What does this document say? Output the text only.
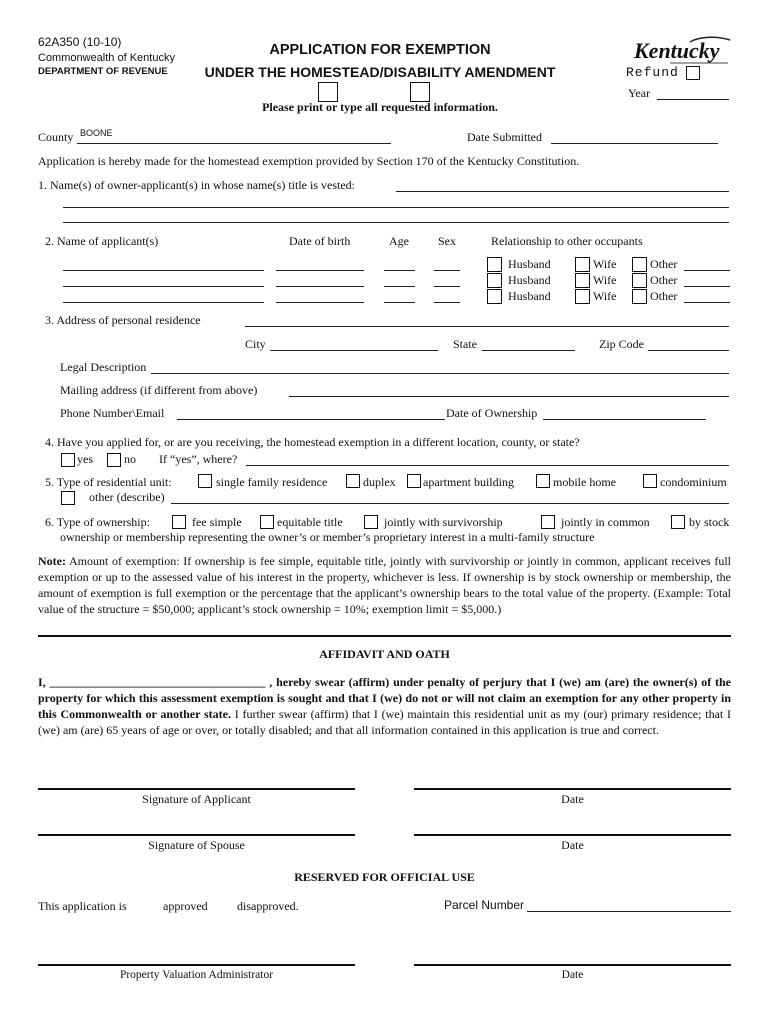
62A350 (10-10)
Commonwealth of Kentucky
DEPARTMENT OF REVENUE
APPLICATION FOR EXEMPTION
UNDER THE HOMESTEAD/DISABILITY AMENDMENT
Please print or type all requested information.
Kentucky
Refund
Year
County BOONE	Date Submitted
Application is hereby made for the homestead exemption provided by Section 170 of the Kentucky Constitution.
1. Name(s) of owner-applicant(s) in whose name(s) title is vested:
2. Name of applicant(s)	Date of birth	Age Sex	Relationship to other occupants
Husband	Wife	Other
Husband	Wife	Other
Husband	Wife	Other
3. Address of personal residence
City	State	Zip Code
Legal Description
Mailing address (if different from above)
Phone Number\Email	Date of Ownership
4. Have you applied for, or are you receiving, the homestead exemption in a different location, county, or state?
yes	no If “yes”, where?
5. Type of residential unit:	single family residence	duplex apartment building	mobile home	condominium
other (describe)
6. Type of ownership:	fee simple	equitable title	jointly with survivorship	jointly in common	by stock
ownership or membership representing the owner’s or member’s proprietary interest in a multi-family structure
Note: Amount of exemption: If ownership is fee simple, equitable title, jointly with survivorship or jointly in common, applicant receives full exemption or up to the assessed value of his interest in the property, whichever is less. If ownership is by stock ownership or membership, the amount of exemption is full exemption or the percentage that the applicant’s ownership bears to the total value of the property. (Example: Total value of the structure = $50,000; applicant’s stock ownership = 10%; exemption limit = $5,000.)
AFFIDAVIT AND OATH
I, ____________________________________ , hereby swear (affirm) under penalty of perjury that I (we) am (are) the owner(s) of the property for which this assessment exemption is sought and that I (we) do not or will not claim an exemption for any other property in this Commonwealth or another state. I further swear (affirm) that I (we) maintain this residential unit as my (our) primary residence; that I (we) am (are) 65 years of age or over, or totally disabled; and that all information contained in this application is true and correct.
Signature of Applicant	Date
Signature of Spouse	Date
RESERVED FOR OFFICIAL USE
This application is	approved disapproved.	Parcel Number
Property Valuation Administrator	Date
